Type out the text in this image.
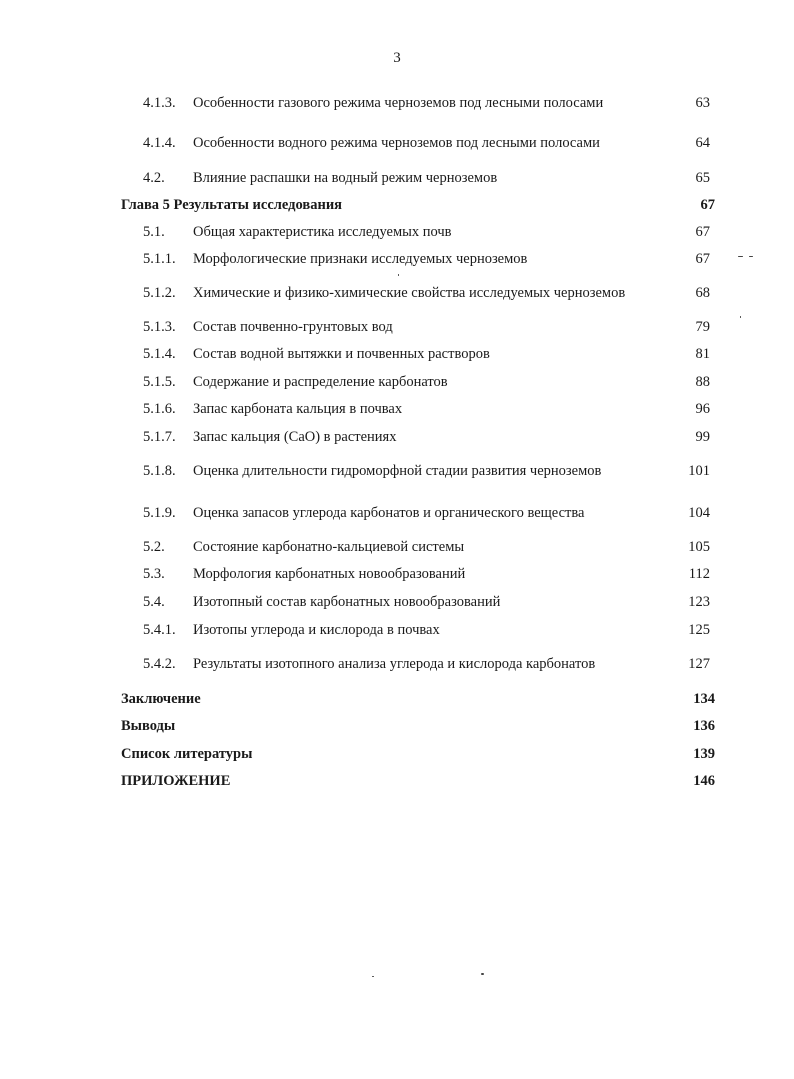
3
4.1.3. Особенности газового режима черноземов под лесными полосами	63
4.1.4. Особенности водного режима черноземов под лесными полосами	64
4.2. Влияние распашки на водный режим черноземов	65
Глава 5 Результаты исследования	67
5.1. Общая характеристика исследуемых почв	67
5.1.1. Морфологические признаки исследуемых черноземов	67
5.1.2. Химические и физико-химические свойства исследуемых черноземов	68
5.1.3. Состав почвенно-грунтовых вод	79
5.1.4. Состав водной вытяжки и почвенных растворов	81
5.1.5. Содержание и распределение карбонатов	88
5.1.6. Запас карбоната кальция в почвах	96
5.1.7. Запас кальция (CaO) в растениях	99
5.1.8. Оценка длительности гидроморфной стадии развития черноземов	101
5.1.9. Оценка запасов углерода карбонатов и органического вещества	104
5.2. Состояние карбонатно-кальциевой системы	105
5.3. Морфология карбонатных новообразований	112
5.4. Изотопный состав карбонатных новообразований	123
5.4.1. Изотопы углерода и кислорода в почвах	125
5.4.2. Результаты изотопного анализа углерода и кислорода карбонатов	127
Заключение	134
Выводы	136
Список литературы	139
ПРИЛОЖЕНИЕ	146
